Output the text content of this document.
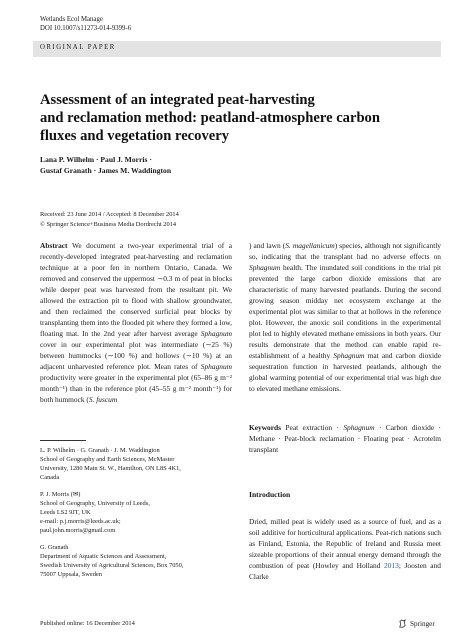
Wetlands Ecol Manage
DOI 10.1007/s11273-014-9399-6
ORIGINAL PAPER
Assessment of an integrated peat-harvesting
and reclamation method: peatland-atmosphere carbon
fluxes and vegetation recovery
Lana P. Wilhelm · Paul J. Morris ·
Gustaf Granath · James M. Waddington
Received: 23 June 2014 / Accepted: 8 December 2014
© Springer Science+Business Media Dordrecht 2014
Abstract We document a two-year experimental trial of a recently-developed integrated peat-harvesting and reclamation technique at a poor fen in northern Ontario, Canada. We removed and conserved the uppermost ∼0.3 m of peat in blocks while deeper peat was harvested from the resultant pit. We allowed the extraction pit to flood with shallow groundwater, and then reclaimed the conserved surficial peat blocks by transplanting them into the flooded pit where they formed a low, floating mat. In the 2nd year after harvest average Sphagnum cover in our experimental plot was intermediate (∼25 %) between hummocks (∼100 %) and hollows (∼10 %) at an adjacent unharvested reference plot. Mean rates of Sphagnum productivity were greater in the experimental plot (65–86 g m⁻² month⁻¹) than in the reference plot (45–55 g m⁻² month⁻¹) for both hummock (S. fuscum
) and lawn (S. magellanicum) species, although not significantly so, indicating that the transplant had no adverse effects on Sphagnum health. The inundated soil conditions in the trial pit prevented the large carbon dioxide emissions that are characteristic of many harvested peatlands. During the second growing season midday net ecosystem exchange at the experimental plot was similar to that at hollows in the reference plot. However, the anoxic soil conditions in the experimental plot led to highly elevated methane emissions in both years. Our results demonstrate that the method can enable rapid re-establishment of a healthy Sphagnum mat and carbon dioxide sequestration function in harvested peatlands, although the global warming potential of our experimental trial was high due to elevated methane emissions.
Keywords Peat extraction · Sphagnum · Carbon dioxide · Methane · Peat-block reclamation · Floating peat · Acrotelm transplant
L. P. Wilhelm · G. Granath · J. M. Waddington
School of Geography and Earth Sciences, McMaster
University, 1280 Main St. W., Hamilton, ON L8S 4K1,
Canada
P. J. Morris (✉)
School of Geography, University of Leeds,
Leeds LS2 9JT, UK
e-mail: p.j.morris@leeds.ac.uk;
paul.john.morris@gmail.com
G. Granath
Department of Aquatic Sciences and Assessment,
Swedish University of Agricultural Sciences, Box 7050,
75007 Uppsala, Sweden
Introduction
Dried, milled peat is widely used as a source of fuel, and as a soil additive for horticultural applications. Peat-rich nations such as Finland, Estonia, the Republic of Ireland and Russia meet sizeable proportions of their annual energy demand through the combustion of peat (Howley and Holland 2013; Joosten and Clarke
Published online: 16 December 2014	Springer
